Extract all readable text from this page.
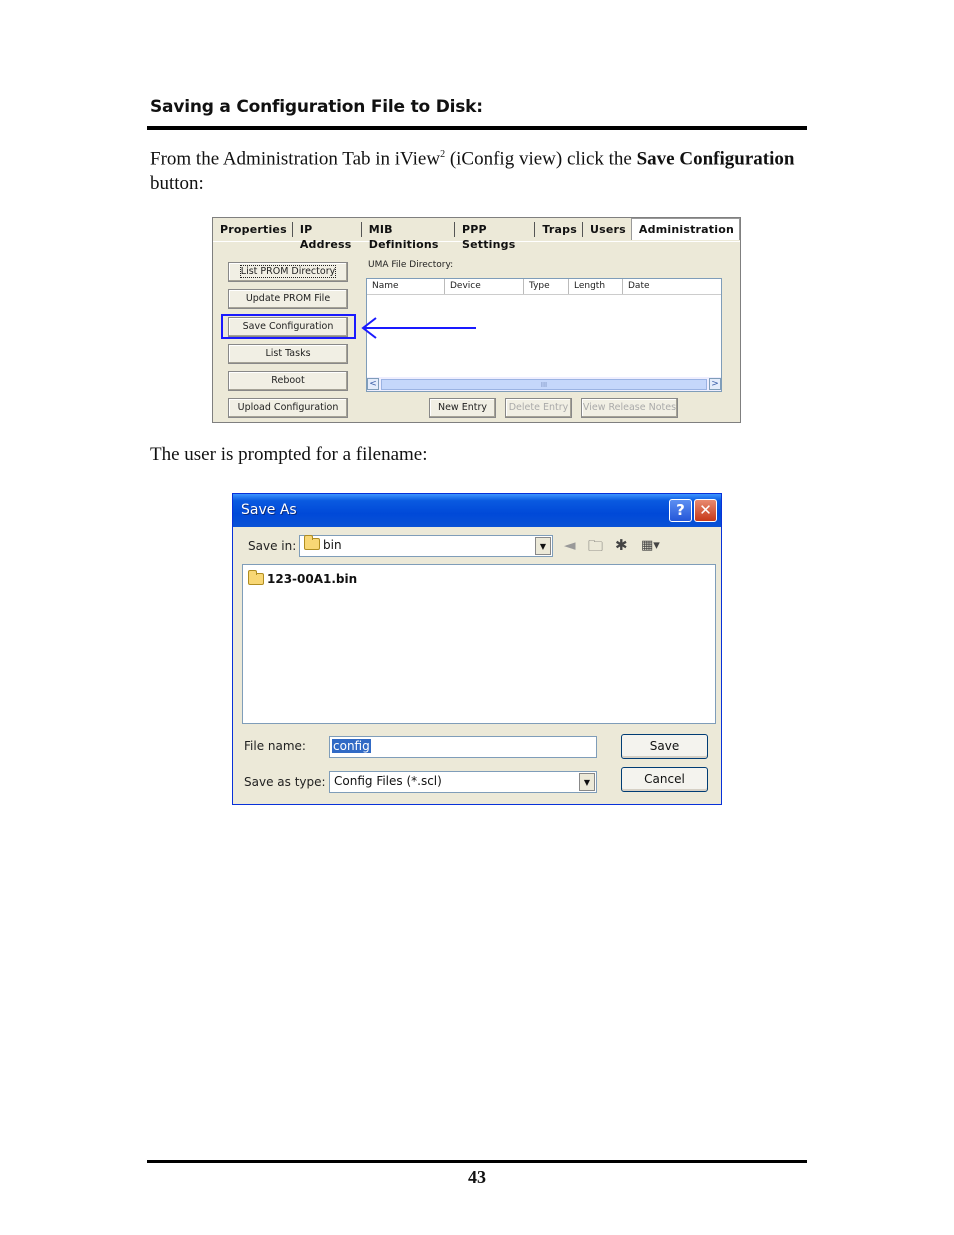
Saving a Configuration File to Disk:
From the Administration Tab in iView$^2$ (iConfig view) click the Save Configuration
button:
Properties	IP Address
MIB Definitions
PPP Settings
Traps	Users	Administration
List PROM Directory
Update PROM File
Save Configuration
List Tasks
Reboot
Upload Configuration
UMA File Directory:
Name	Device	Type	Length	Date
<	III	>
New Entry	Delete Entry	View Release Notes
The user is prompted for a filename:
Save As	? ✕
Save in:	bin	▼	◄ 🗀 ✱ ▦▾
123-00A1.bin
File name:	config	Save
Save as type: Config Files (*.scl)	▼	Cancel
43
